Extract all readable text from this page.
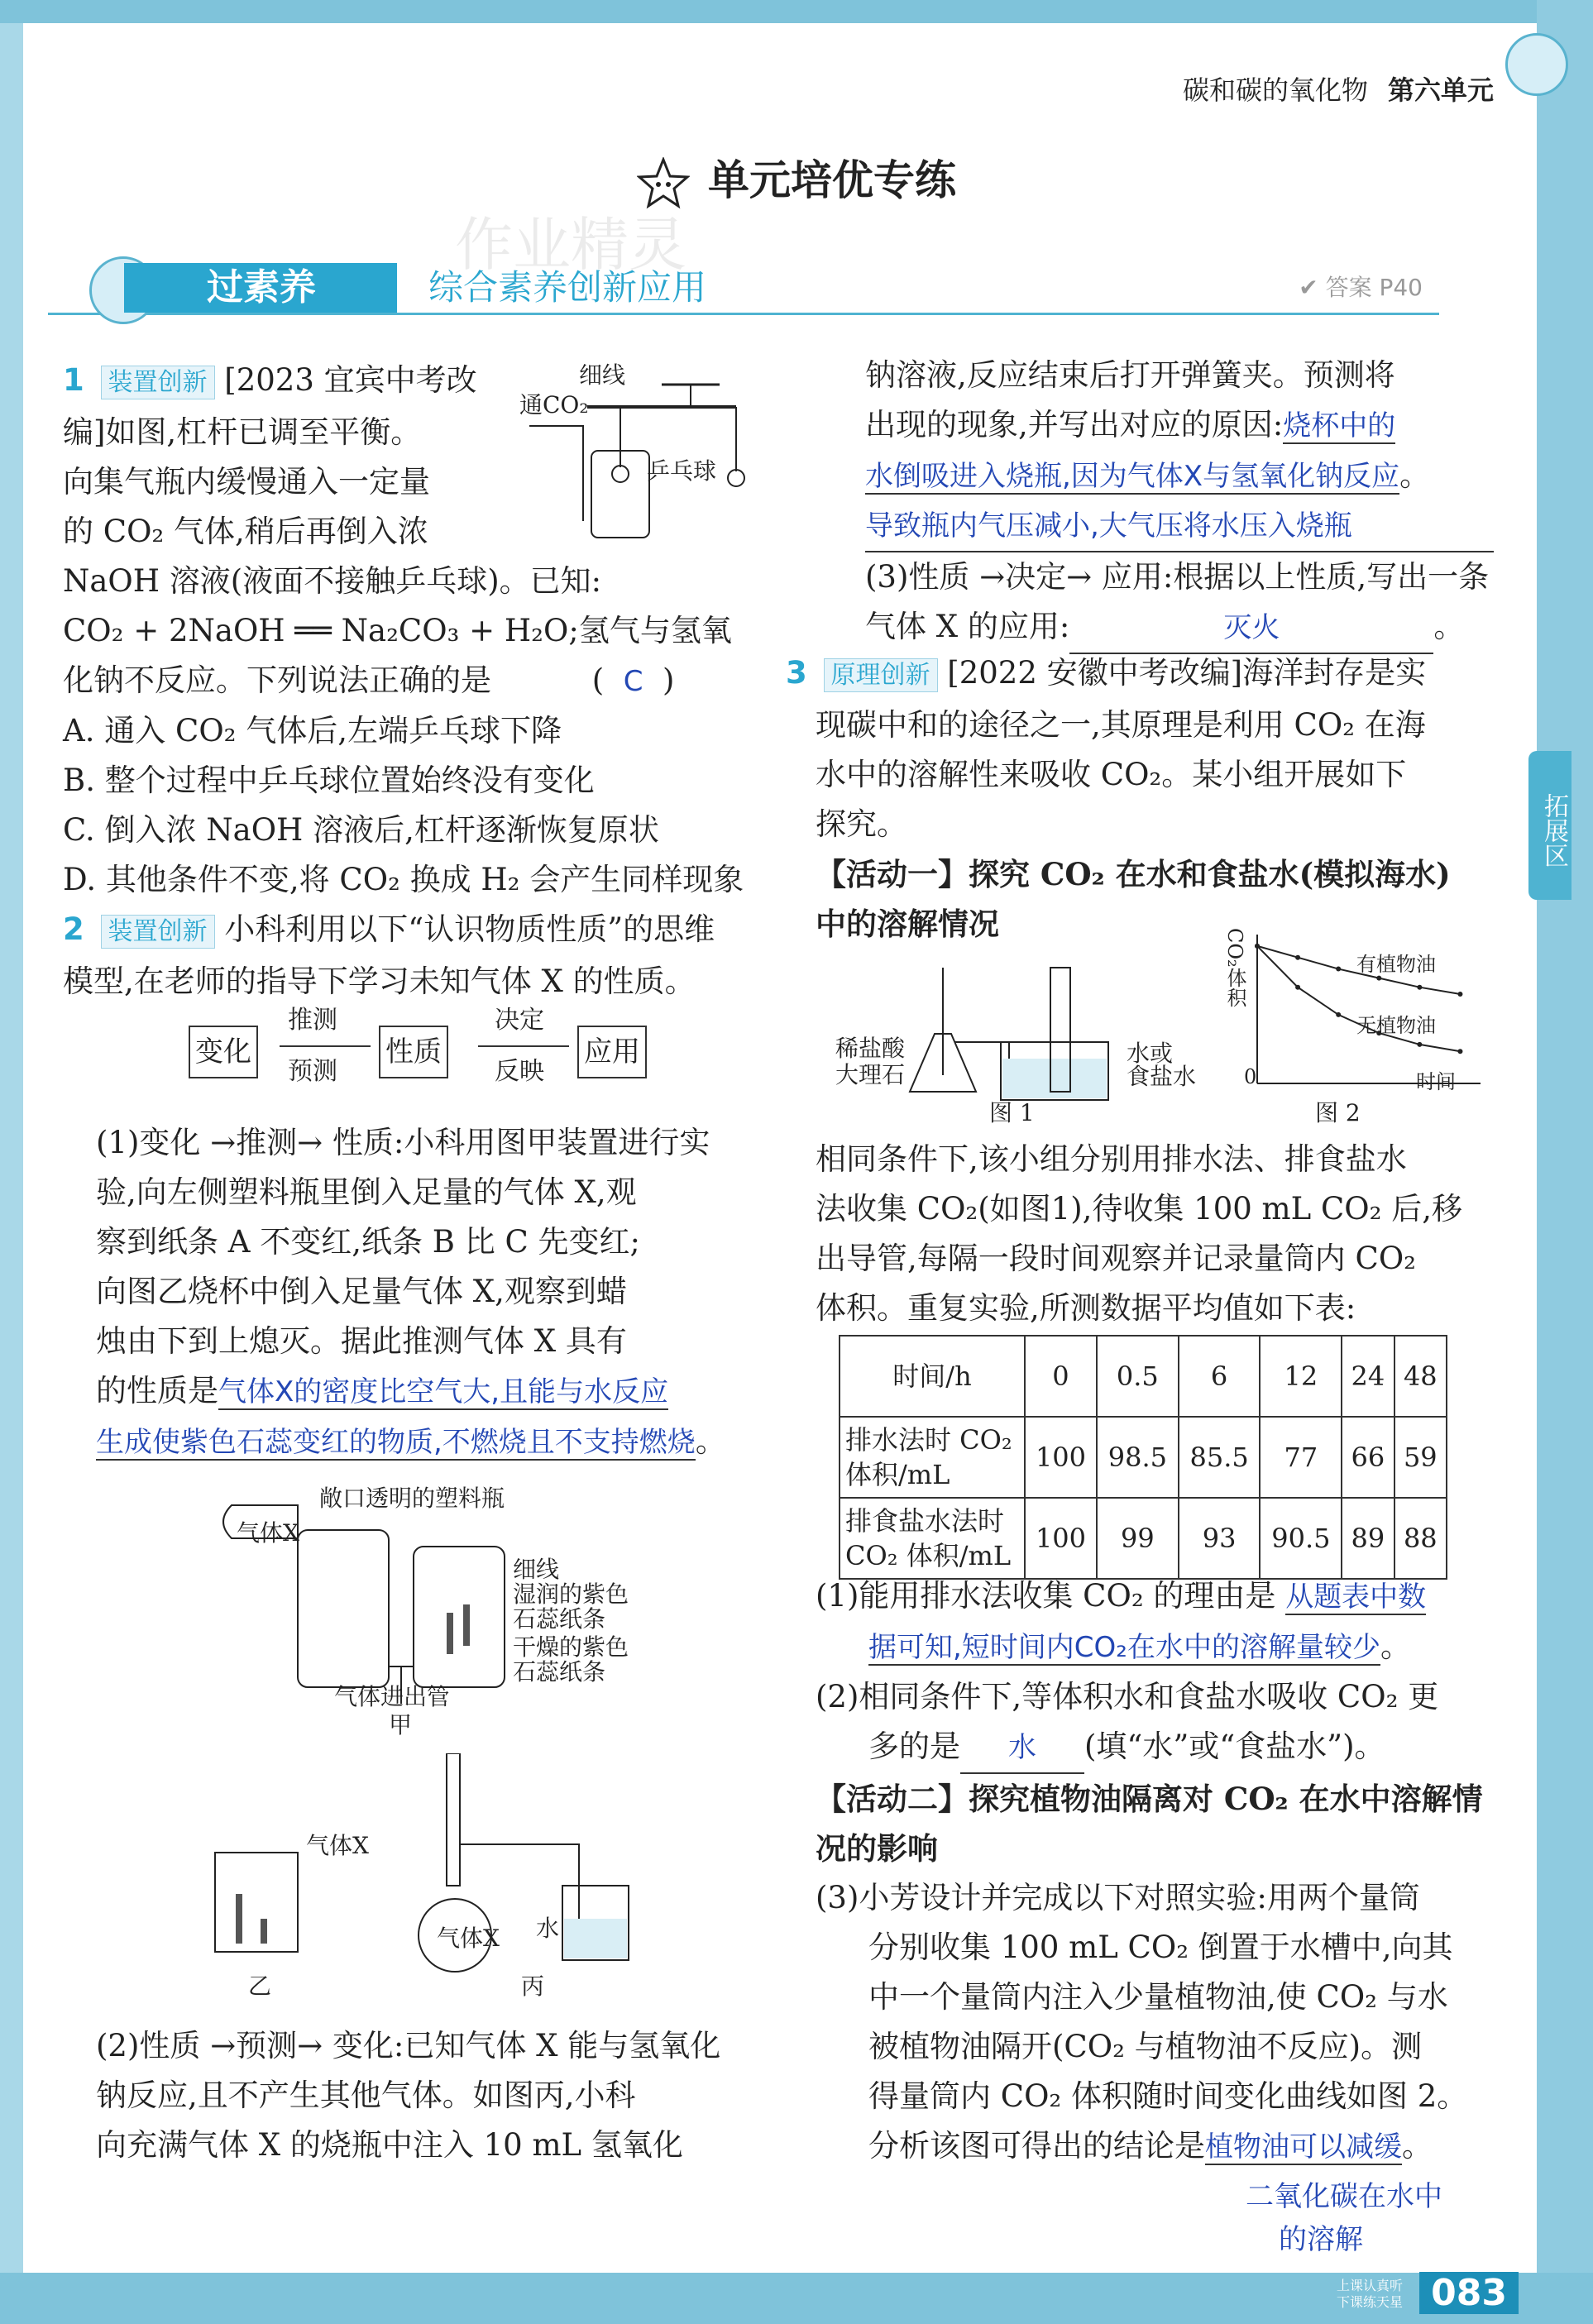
碳和碳的氧化物 第六单元
单元培优专练
作业精灵
过素养	综合素养创新应用	✔ 答案 P40
拓展区

1 装置创新 [2023 宜宾中考改

编]如图,杠杆已调至平衡。

向集气瓶内缓慢通入一定量

的 CO₂ 气体,稍后再倒入浓

NaOH 溶液(液面不接触乒乓球)。已知:

CO₂ + 2NaOH ══ Na₂CO₃ + H₂O;氢气与氢氧

化钠不反应。下列说法正确的是	(  C  )

A. 通入 CO₂ 气体后,左端乒乓球下降

B. 整个过程中乒乓球位置始终没有变化

C. 倒入浓 NaOH 溶液后,杠杆逐渐恢复原状

D. 其他条件不变,将 CO₂ 换成 H₂ 会产生同样现象

2 装置创新 小科利用以下“认识物质性质”的思维

模型,在老师的指导下学习未知气体 X 的性质。

细线
通CO₂
乒乓球
变化
推测
预测
性质
决定
反映
应用

(1)变化 →推测→ 性质:小科用图甲装置进行实

验,向左侧塑料瓶里倒入足量的气体 X,观

察到纸条 A 不变红,纸条 B 比 C 先变红;

向图乙烧杯中倒入足量气体 X,观察到蜡

烛由下到上熄灭。据此推测气体 X 具有

的性质是气体X的密度比空气大,且能与水反应

生成使紫色石蕊变红的物质,不燃烧且不支持燃烧。

敞口透明的塑料瓶
气体X
细线
湿润的紫色
石蕊纸条
干燥的紫色
石蕊纸条
气体进出管
甲
气体X
乙
气体X 水
丙

(2)性质 →预测→ 变化:已知气体 X 能与氢氧化

钠反应,且不产生其他气体。如图丙,小科

向充满气体 X 的烧瓶中注入 10 mL 氢氧化

钠溶液,反应结束后打开弹簧夹。预测将

出现的现象,并写出对应的原因:烧杯中的

水倒吸进入烧瓶,因为气体X与氢氧化钠反应。

导致瓶内气压减小,大气压将水压入烧瓶

(3)性质 →决定→ 应用:根据以上性质,写出一条

气体 X 的应用:	灭火	。

3 原理创新 [2022 安徽中考改编]海洋封存是实

现碳中和的途径之一,其原理是利用 CO₂ 在海

水中的溶解性来吸收 CO₂。某小组开展如下

探究。

【活动一】探究 CO₂ 在水和食盐水(模拟海水)

中的溶解情况

稀盐酸
大理石
水或
食盐水
图 1
CO₂体积
时间
0
有植物油
无植物油
图 2

相同条件下,该小组分别用排水法、排食盐水

法收集 CO₂(如图1),待收集 100 mL CO₂ 后,移

出导管,每隔一段时间观察并记录量筒内 CO₂

体积。重复实验,所测数据平均值如下表:

时间/h	0	0.5	6	12	24	48
排水法时 CO₂ 体积/mL	100	98.5	85.5	77	66	59
排食盐水法时 CO₂ 体积/mL	100	99	93	90.5	89	88

(1)能用排水法收集 CO₂ 的理由是 从题表中数

据可知,短时间内CO₂在水中的溶解量较少。

(2)相同条件下,等体积水和食盐水吸收 CO₂ 更

多的是 水 (填“水”或“食盐水”)。

【活动二】探究植物油隔离对 CO₂ 在水中溶解情

况的影响

(3)小芳设计并完成以下对照实验:用两个量筒

分别收集 100 mL CO₂ 倒置于水槽中,向其

中一个量筒内注入少量植物油,使 CO₂ 与水

被植物油隔开(CO₂ 与植物油不反应)。测

得量筒内 CO₂ 体积随时间变化曲线如图 2。

分析该图可得出的结论是植物油可以减缓。

二氧化碳在水中

的溶解

上课认真听
下课练天星 083
